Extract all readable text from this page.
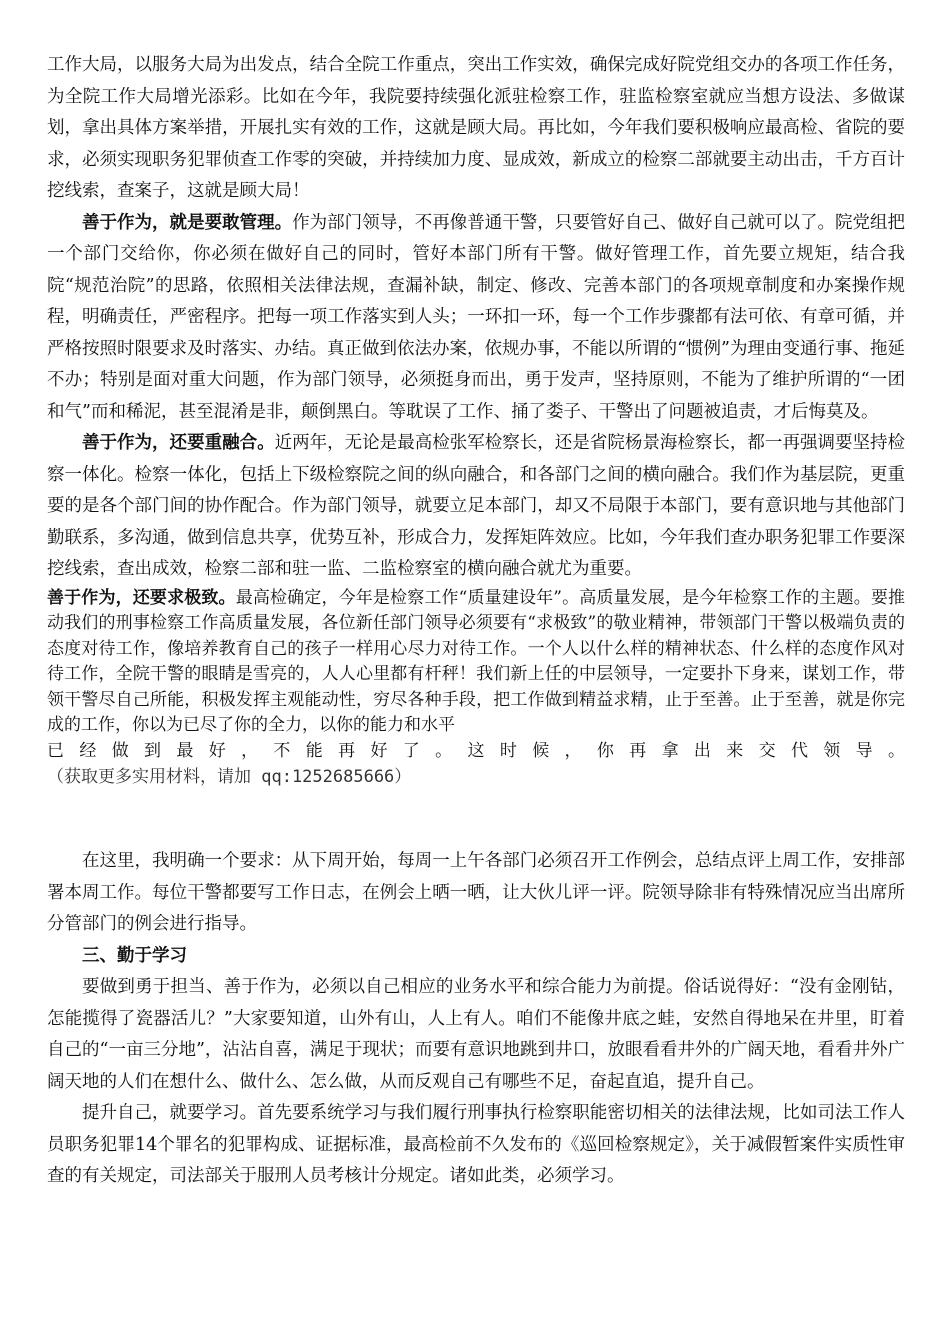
工作大局，以服务大局为出发点，结合全院工作重点，突出工作实效，确保完成好院党组交办的各项工作任务，为全院工作大局增光添彩。比如在今年，我院要持续强化派驻检察工作，驻监检察室就应当想方设法、多做谋划，拿出具体方案举措，开展扎实有效的工作，这就是顾大局。再比如，今年我们要积极响应最高检、省院的要求，必须实现职务犯罪侦查工作零的突破，并持续加力度、显成效，新成立的检察二部就要主动出击，千方百计挖线索，查案子，这就是顾大局！

善于作为，就是要敢管理。作为部门领导，不再像普通干警，只要管好自己、做好自己就可以了。院党组把一个部门交给你，你必须在做好自己的同时，管好本部门所有干警。做好管理工作，首先要立规矩，结合我院“规范治院”的思路，依照相关法律法规，查漏补缺，制定、修改、完善本部门的各项规章制度和办案操作规程，明确责任，严密程序。把每一项工作落实到人头；一环扣一环，每一个工作步骤都有法可依、有章可循，并严格按照时限要求及时落实、办结。真正做到依法办案，依规办事，不能以所谓的“惯例”为理由变通行事、拖延不办；特别是面对重大问题，作为部门领导，必须挺身而出，勇于发声，坚持原则，不能为了维护所谓的“一团和气”而和稀泥，甚至混淆是非，颠倒黑白。等耽误了工作、捅了娄子、干警出了问题被追责，才后悔莫及。

善于作为，还要重融合。近两年，无论是最高检张军检察长，还是省院杨景海检察长，都一再强调要坚持检察一体化。检察一体化，包括上下级检察院之间的纵向融合，和各部门之间的横向融合。我们作为基层院，更重要的是各个部门间的协作配合。作为部门领导，就要立足本部门，却又不局限于本部门，要有意识地与其他部门勤联系，多沟通，做到信息共享，优势互补，形成合力，发挥矩阵效应。比如，今年我们查办职务犯罪工作要深挖线索，查出成效，检察二部和驻一监、二监检察室的横向融合就尤为重要。

善于作为，还要求极致。最高检确定，今年是检察工作“质量建设年”。高质量发展，是今年检察工作的主题。要推动我们的刑事检察工作高质量发展，各位新任部门领导必须要有“求极致”的敬业精神，带领部门干警以极端负责的态度对待工作，像培养教育自己的孩子一样用心尽力对待工作。一个人以什么样的精神状态、什么样的态度作风对待工作，全院干警的眼睛是雪亮的，人人心里都有杆秤！我们新上任的中层领导，一定要扑下身来，谋划工作，带领干警尽自己所能，积极发挥主观能动性，穷尽各种手段，把工作做到精益求精，止于至善。止于至善，就是你完成的工作，你以为已尽了你的全力，以你的能力和水平

已经做到最好，不能再好了。这时候，你再拿出来交代领导。

（获取更多实用材料，请加 qq:1252685666）

在这里，我明确一个要求：从下周开始，每周一上午各部门必须召开工作例会，总结点评上周工作，安排部署本周工作。每位干警都要写工作日志，在例会上晒一晒，让大伙儿评一评。院领导除非有特殊情况应当出席所分管部门的例会进行指导。

三、勤于学习

要做到勇于担当、善于作为，必须以自己相应的业务水平和综合能力为前提。俗话说得好：“没有金刚钻，怎能揽得了瓷器活儿？”大家要知道，山外有山，人上有人。咱们不能像井底之蛙，安然自得地呆在井里，盯着自己的“一亩三分地”，沾沾自喜，满足于现状；而要有意识地跳到井口，放眼看看井外的广阔天地，看看井外广阔天地的人们在想什么、做什么、怎么做，从而反观自己有哪些不足，奋起直追，提升自己。

提升自己，就要学习。首先要系统学习与我们履行刑事执行检察职能密切相关的法律法规，比如司法工作人员职务犯罪14个罪名的犯罪构成、证据标准，最高检前不久发布的《巡回检察规定》，关于减假暂案件实质性审查的有关规定，司法部关于服刑人员考核计分规定。诸如此类，必须学习。
